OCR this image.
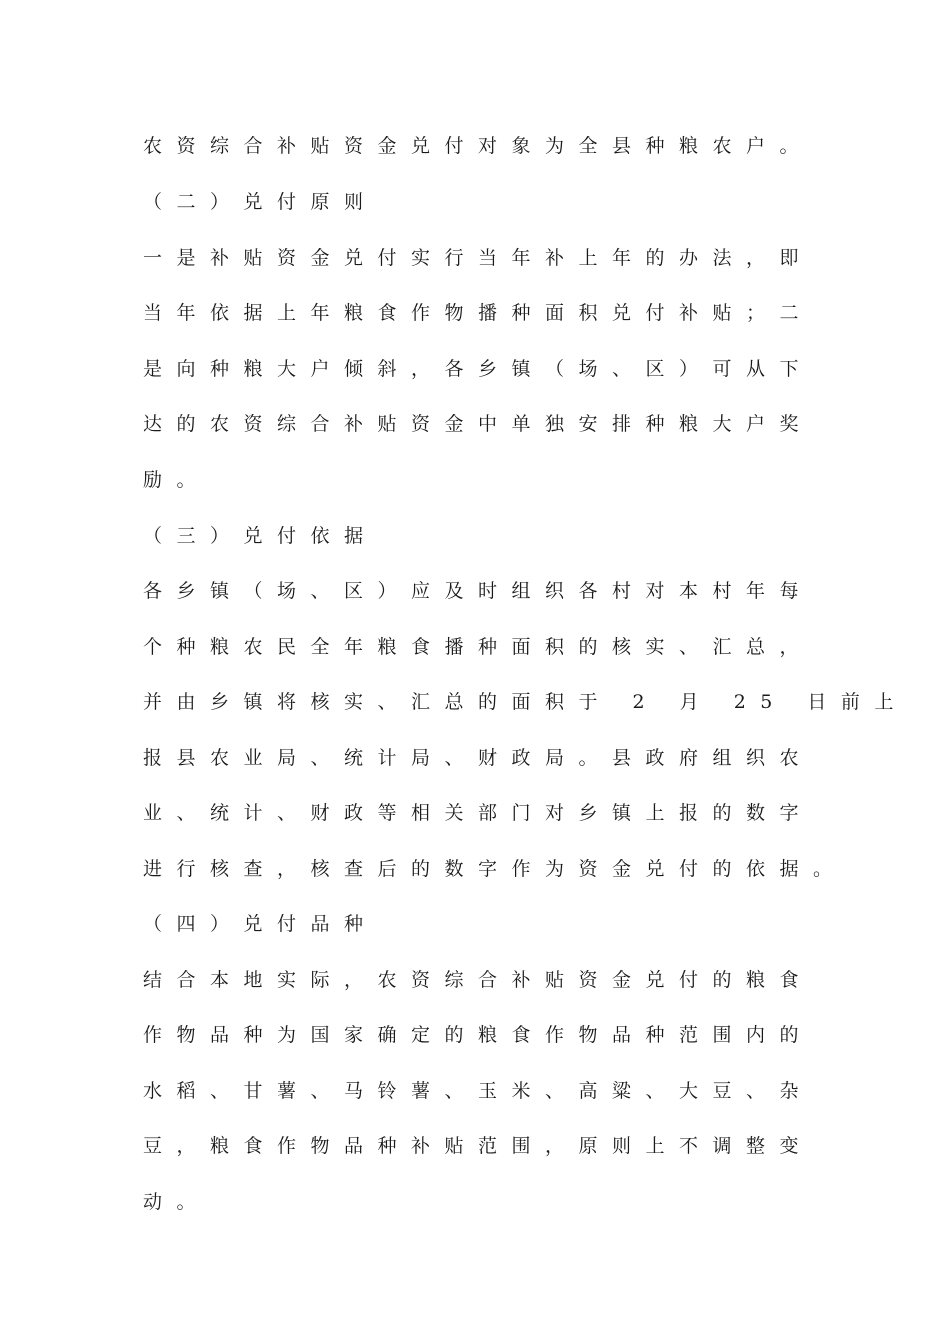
农资综合补贴资金兑付对象为全县种粮农户。
（二）兑付原则
一是补贴资金兑付实行当年补上年的办法，即
当年依据上年粮食作物播种面积兑付补贴；二
是向种粮大户倾斜，各乡镇（场、区）可从下
达的农资综合补贴资金中单独安排种粮大户奖
励。
（三）兑付依据
各乡镇（场、区）应及时组织各村对本村年每
个种粮农民全年粮食播种面积的核实、汇总，
并由乡镇将核实、汇总的面积于 2 月 25 日前上
报县农业局、统计局、财政局。县政府组织农
业、统计、财政等相关部门对乡镇上报的数字
进行核查，核查后的数字作为资金兑付的依据。
（四）兑付品种
结合本地实际，农资综合补贴资金兑付的粮食
作物品种为国家确定的粮食作物品种范围内的
水稻、甘薯、马铃薯、玉米、高粱、大豆、杂
豆，粮食作物品种补贴范围，原则上不调整变
动。
